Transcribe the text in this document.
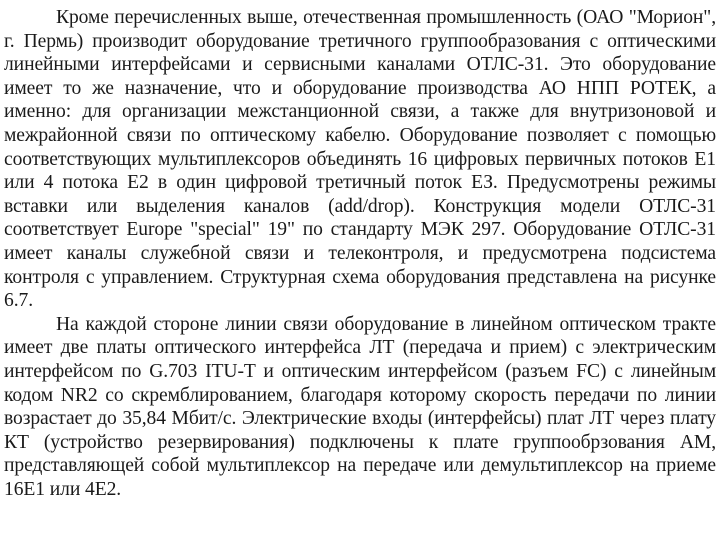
Кроме перечисленных выше, отечественная промышленность (ОАО "Морион", г. Пермь) производит оборудование третичного группообразования с оптическими линейными интерфейсами и сервисными каналами ОТЛС-31. Это оборудование имеет то же назначение, что и оборудование производства АО НПП РОТЕК, а именно: для организации межстанционной связи, а также для внутризоновой и межрайонной связи по оптическому кабелю. Оборудование позволяет с помощью соответствующих мультиплексоров объединять 16 цифровых первичных потоков Е1 или 4 потока Е2 в один цифровой третичный поток ЕЗ. Предусмотрены режимы вставки или выделения каналов (add/drop). Конструкция модели ОТЛС-31 соответствует Europe "special" 19" по стандарту МЭК 297. Оборудование ОТЛС-31 имеет каналы служебной связи и телеконтроля, и предусмотрена подсистема контроля с управлением. Структурная схема оборудования представлена на рисунке 6.7.

На каждой стороне линии связи оборудование в линейном оптическом тракте имеет две платы оптического интерфейса ЛТ (передача и прием) с электрическим интерфейсом по G.703 ITU-T и оптическим интерфейсом (разъем FC) с линейным кодом NR2 со скремблированием, благодаря которому скорость передачи по линии возрастает до 35,84 Мбит/с. Электрические входы (интерфейсы) плат ЛТ через плату КТ (устройство резервирования) подключены к плате группообрзования АМ, представляющей собой мультиплексор на передаче или демультиплексор на приеме 16Е1 или 4Е2.
